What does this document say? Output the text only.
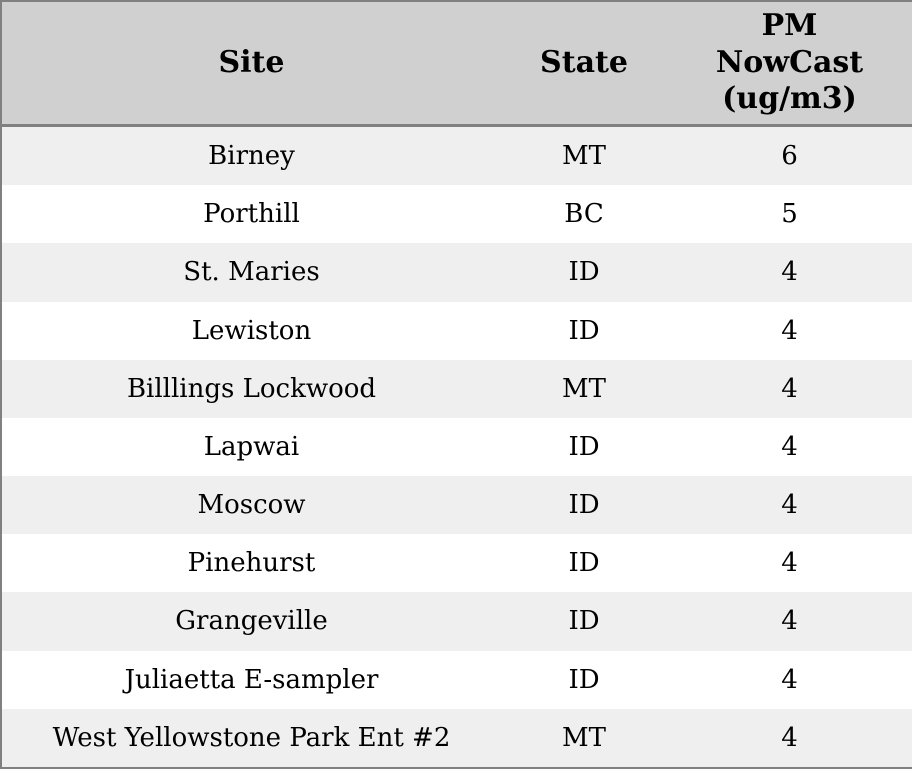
Site	State	PM
NowCast
(ug/m3)

Birney	MT	6
Porthill	BC	5
St. Maries	ID	4
Lewiston	ID	4
Billlings Lockwood	MT	4
Lapwai	ID	4
Moscow	ID	4
Pinehurst	ID	4
Grangeville	ID	4
Juliaetta E-sampler	ID	4
West Yellowstone Park Ent #2	MT	4
